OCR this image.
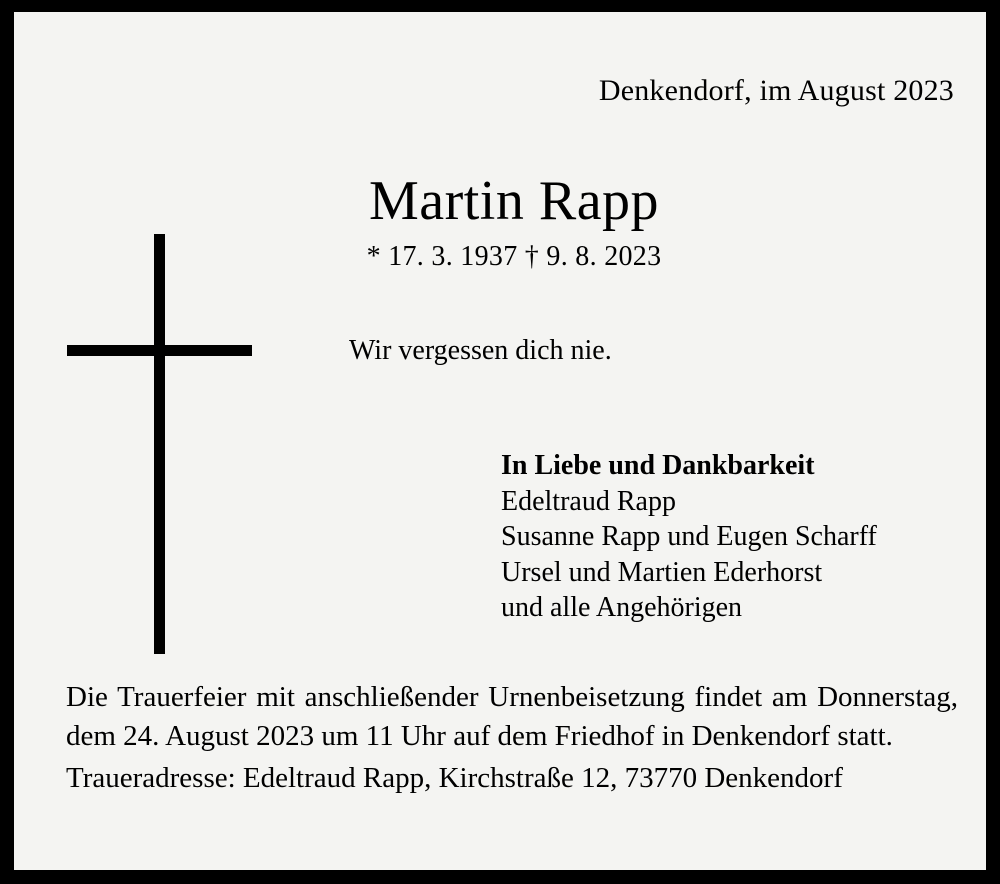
Denkendorf, im August 2023
Martin Rapp
* 17. 3. 1937 † 9. 8. 2023
Wir vergessen dich nie.
In Liebe und Dankbarkeit
Edeltraud Rapp
Susanne Rapp und Eugen Scharff
Ursel und Martien Ederhorst
und alle Angehörigen
Die Trauerfeier mit anschließender Urnenbeisetzung findet am Donnerstag, dem 24. August 2023 um 11 Uhr auf dem Friedhof in Denkendorf statt.
Traueradresse: Edeltraud Rapp, Kirchstraße 12, 73770 Denkendorf
